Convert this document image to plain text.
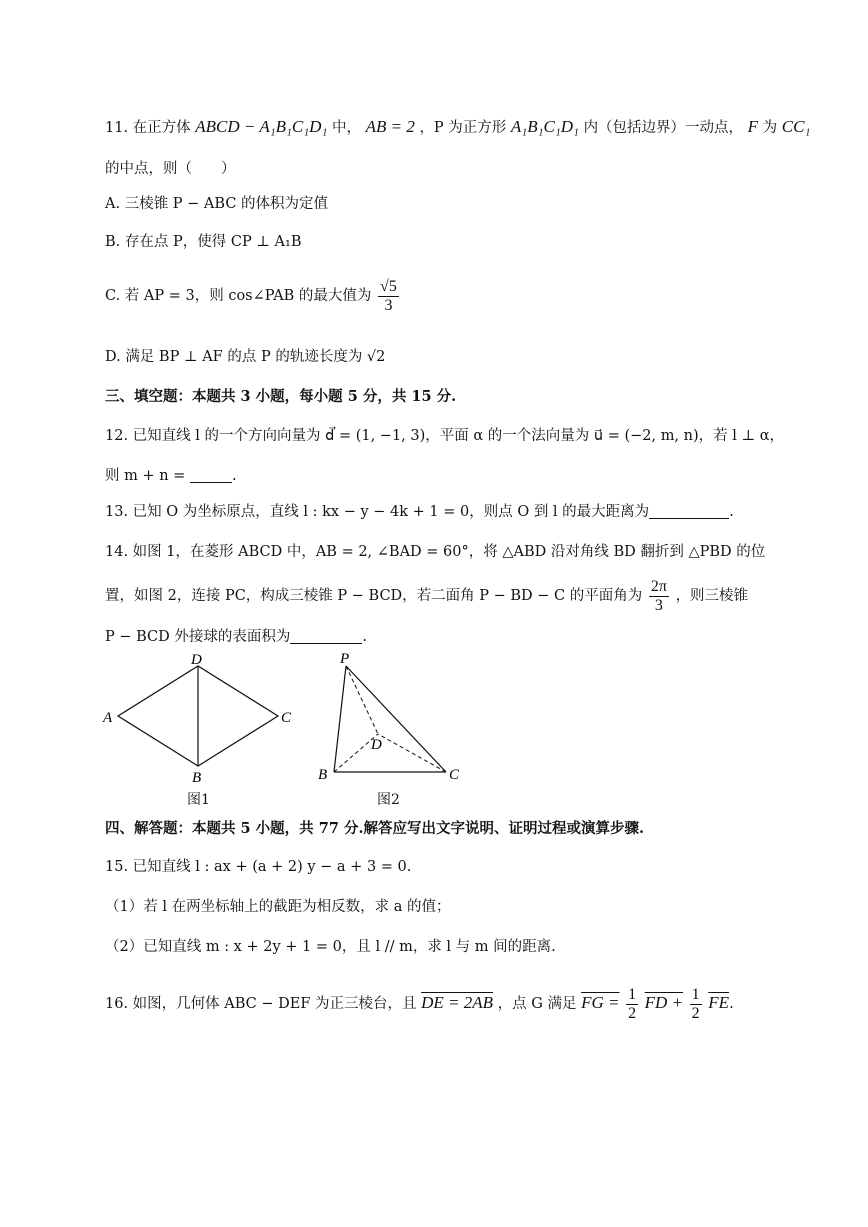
11. 在正方体 ABCD − A₁B₁C₁D₁ 中， AB = 2 ，P 为正方形 A₁B₁C₁D₁ 内（包括边界）一动点， F 为 CC₁
的中点，则（　　）
A. 三棱锥 P − ABC 的体积为定值
B. 存在点 P，使得 CP ⊥ A₁B
C. 若 AP = 3，则 cos∠PAB 的最大值为 $\frac{√5}{3}$
D. 满足 BP ⊥ AF 的点 P 的轨迹长度为 √2
三、填空题：本题共 3 小题，每小题 5 分，共 15 分.
12. 已知直线 l 的一个方向向量为 d⃗ = (1, −1, 3)，平面 α 的一个法向量为 u⃗ = (−2, m, n)，若 l ⊥ α，
则 m + n =	.
13. 已知 O 为坐标原点，直线 l : kx − y − 4k + 1 = 0，则点 O 到 l 的最大距离为	.
14. 如图 1，在菱形 ABCD 中，AB = 2, ∠BAD = 60°，将 △ABD 沿对角线 BD 翻折到 △PBD 的位
置，如图 2，连接 PC，构成三棱锥 P − BCD，若二面角 P − BD − C 的平面角为 $\frac{2\pi}{3}$ ，则三棱锥
P − BCD 外接球的表面积为	.
D
A	C
B
图1
P
D
B	C
图2
四、解答题：本题共 5 小题，共 77 分.解答应写出文字说明、证明过程或演算步骤.
15. 已知直线 l : ax + (a + 2) y − a + 3 = 0.
（1）若 l 在两坐标轴上的截距为相反数，求 a 的值；
（2）已知直线 m : x + 2y + 1 = 0，且 l // m，求 l 与 m 间的距离.
16. 如图，几何体 ABC − DEF 为正三棱台，且 DE = 2AB ，点 G 满足 FG = $\frac{1}{2}$ FD + $\frac{1}{2} \overline{FE}$.
